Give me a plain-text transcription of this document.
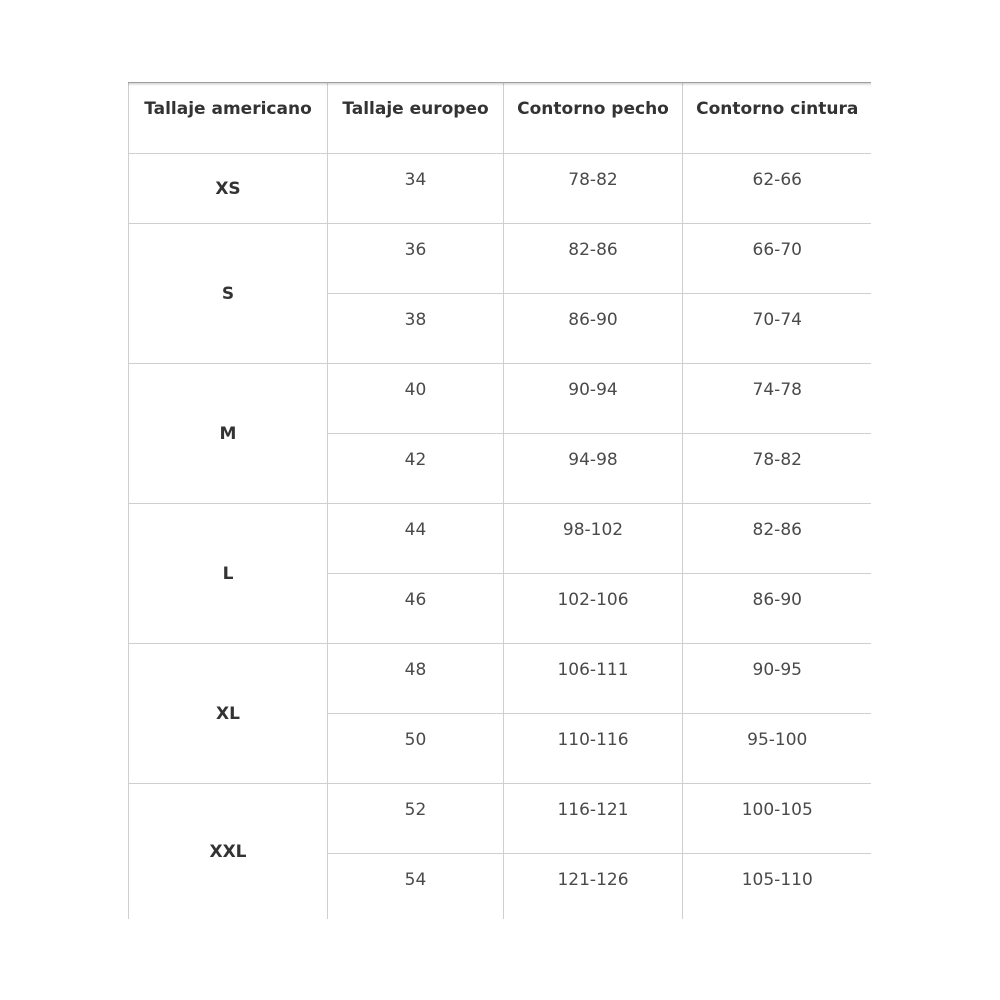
Tallaje americano	Tallaje europeo	Contorno pecho	Contorno cintura
XS	34	78-82	62-66
S	36	82-86	66-70
	38	86-90	70-74
M	40	90-94	74-78
	42	94-98	78-82
L	44	98-102	82-86
	46	102-106	86-90
XL	48	106-111	90-95
	50	110-116	95-100
XXL	52	116-121	100-105
	54	121-126	105-110
